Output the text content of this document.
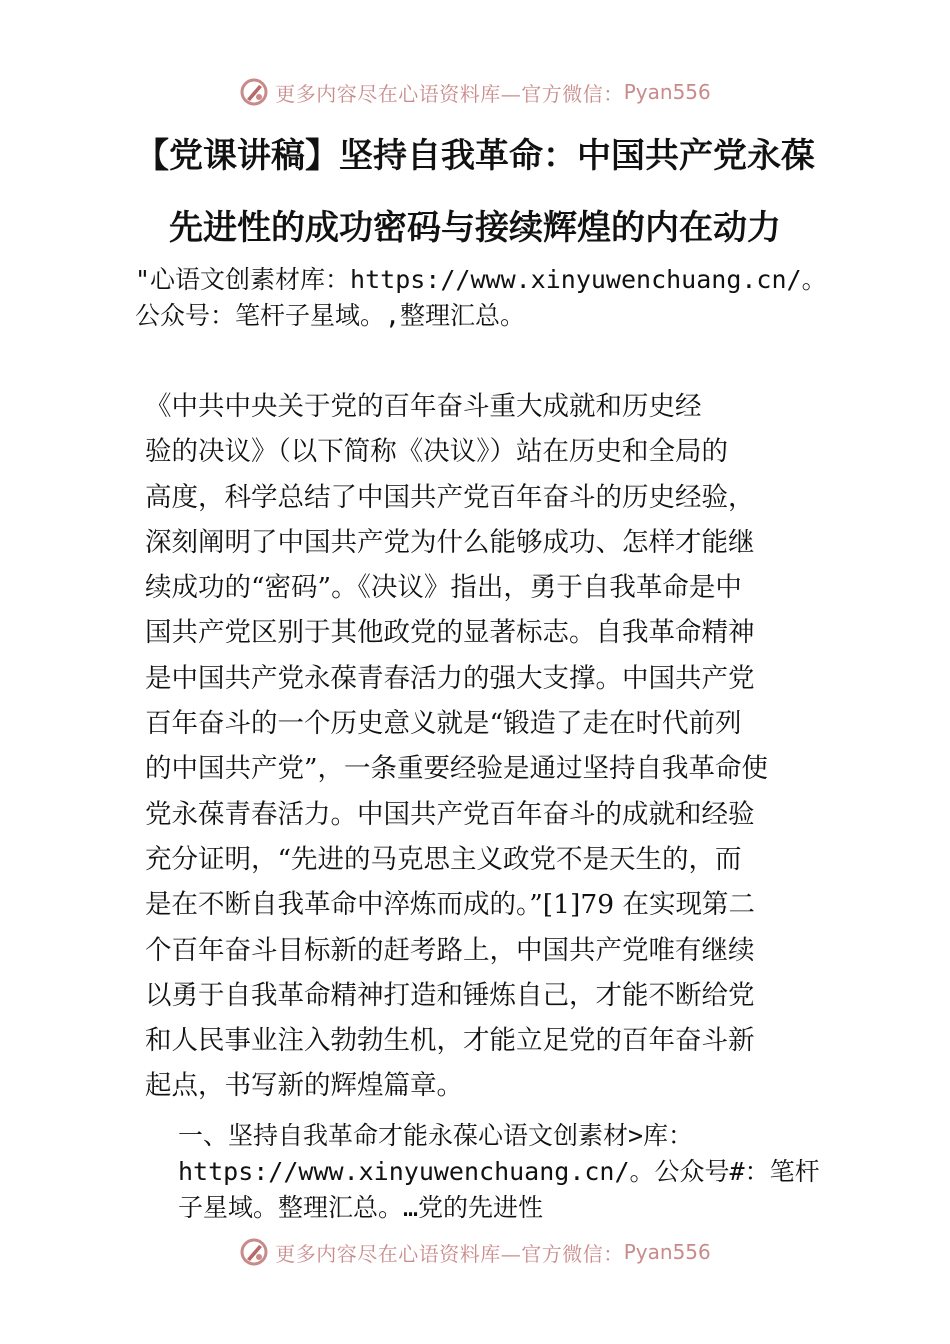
更多内容尽在心语资料库—官方微信： Pyan556
【党课讲稿】坚持自我革命：中国共产党永葆
先进性的成功密码与接续辉煌的内在动力
"心语文创素材库：https://www.xinyuwenchuang.cn/。
公众号：笔杆子星域。,整理汇总。
《中共中央关于党的百年奋斗重大成就和历史经
验的决议》（以下简称《决议》）站在历史和全局的
高度，科学总结了中国共产党百年奋斗的历史经验，
深刻阐明了中国共产党为什么能够成功、怎样才能继
续成功的“密码”。《决议》指出，勇于自我革命是中
国共产党区别于其他政党的显著标志。自我革命精神
是中国共产党永葆青春活力的强大支撑。中国共产党
百年奋斗的一个历史意义就是“锻造了走在时代前列
的中国共产党”，一条重要经验是通过坚持自我革命使
党永葆青春活力。中国共产党百年奋斗的成就和经验
充分证明，“先进的马克思主义政党不是天生的，而
是在不断自我革命中淬炼而成的。”[1]79 在实现第二
个百年奋斗目标新的赶考路上，中国共产党唯有继续
以勇于自我革命精神打造和锤炼自己，才能不断给党
和人民事业注入勃勃生机，才能立足党的百年奋斗新
起点，书写新的辉煌篇章。
一、坚持自我革命才能永葆心语文创素材>库：
https://www.xinyuwenchuang.cn/。公众号#：笔杆
子星域。整理汇总。…党的先进性
更多内容尽在心语资料库—官方微信： Pyan556
